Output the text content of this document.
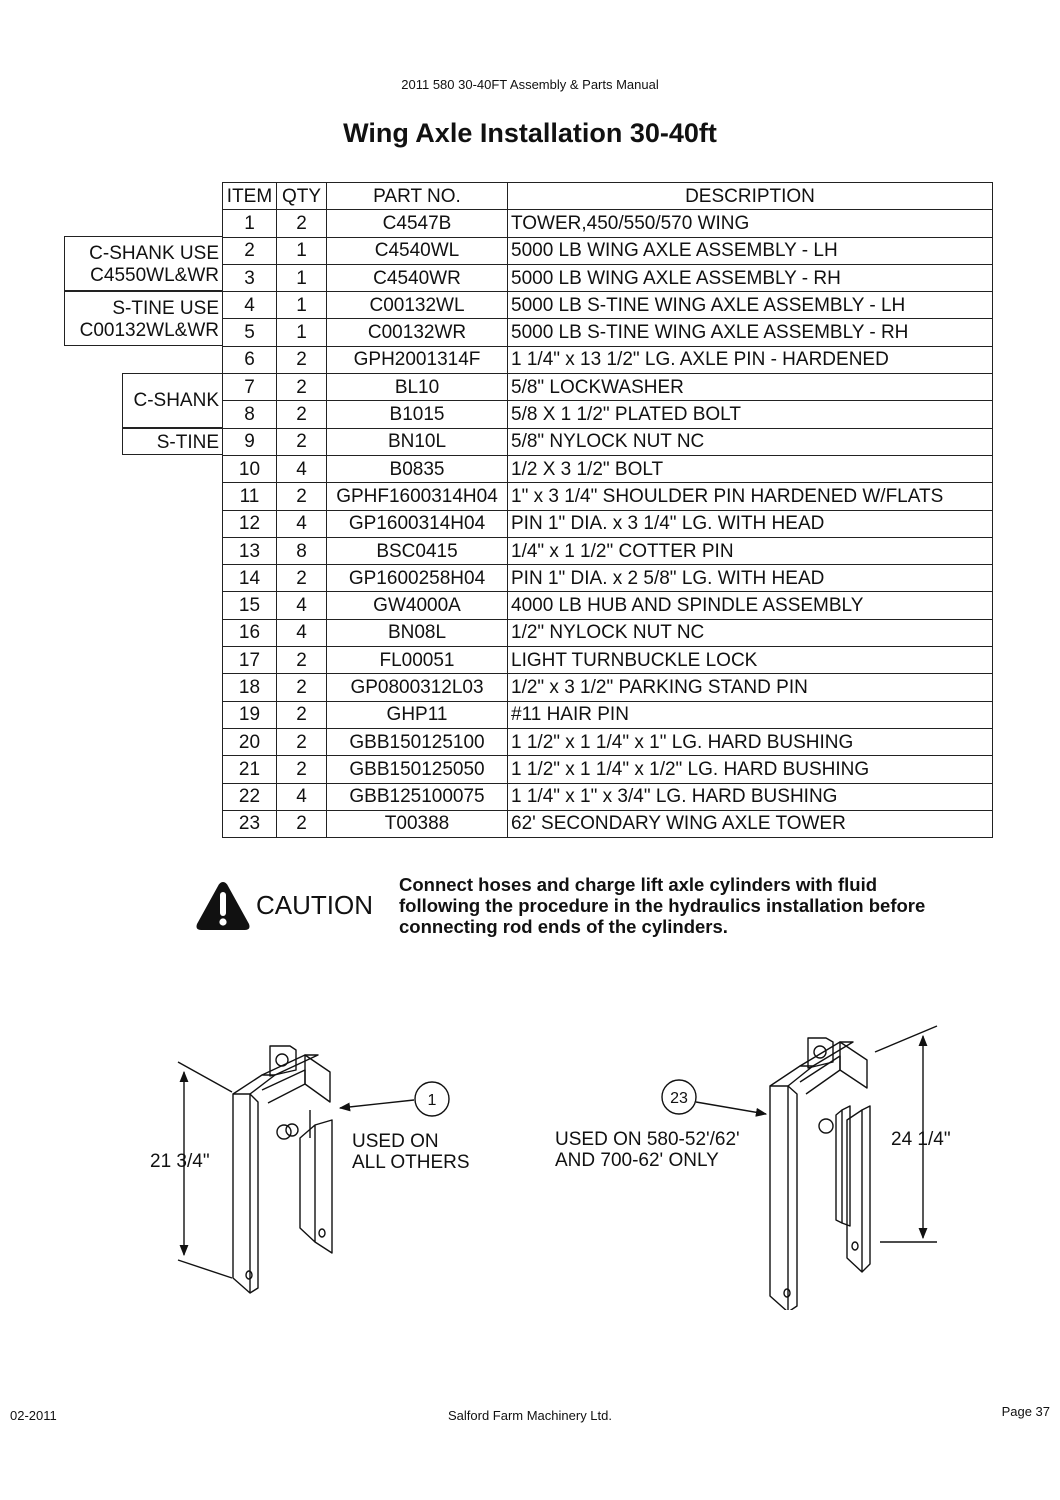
2011 580 30-40FT Assembly & Parts Manual
Wing Axle Installation 30-40ft
C-SHANK USE
C4550WL&WR
S-TINE USE
C00132WL&WR
C-SHANK
S-TINE
ITEM	QTY	PART NO.	DESCRIPTION
1	2	C4547B	TOWER,450/550/570 WING
2	1	C4540WL	5000 LB WING AXLE ASSEMBLY - LH
3	1	C4540WR	5000 LB WING AXLE ASSEMBLY - RH
4	1	C00132WL	5000 LB S-TINE WING AXLE ASSEMBLY - LH
5	1	C00132WR	5000 LB S-TINE WING AXLE ASSEMBLY - RH
6	2	GPH2001314F	1 1/4" x 13 1/2" LG. AXLE PIN - HARDENED
7	2	BL10	5/8" LOCKWASHER
8	2	B1015	5/8 X 1 1/2" PLATED BOLT
9	2	BN10L	5/8" NYLOCK NUT NC
10	4	B0835	1/2 X 3 1/2" BOLT
11	2	GPHF1600314H04	1" x 3 1/4" SHOULDER PIN HARDENED W/FLATS
12	4	GP1600314H04	PIN 1" DIA. x 3 1/4" LG. WITH HEAD
13	8	BSC0415	1/4" x 1 1/2" COTTER PIN
14	2	GP1600258H04	PIN 1" DIA. x 2 5/8" LG. WITH HEAD
15	4	GW4000A	4000 LB HUB AND SPINDLE ASSEMBLY
16	4	BN08L	1/2" NYLOCK NUT NC
17	2	FL00051	LIGHT TURNBUCKLE LOCK
18	2	GP0800312L03	1/2" x 3 1/2" PARKING STAND PIN
19	2	GHP11	#11 HAIR PIN
20	2	GBB150125100	1 1/2" x 1 1/4" x 1" LG. HARD BUSHING
21	2	GBB150125050	1 1/2" x 1 1/4" x 1/2" LG. HARD BUSHING
22	4	GBB125100075	1 1/4" x 1" x 3/4" LG. HARD BUSHING
23	2	T00388	62' SECONDARY WING AXLE TOWER
CAUTION
Connect hoses and charge lift axle cylinders with fluid following the procedure in the hydraulics installation before connecting rod ends of the cylinders.
1	23
21 3/4"
24 1/4"
USED ON
ALL OTHERS
USED ON 580-52'/62'
AND 700-62' ONLY
02-2011	Salford Farm Machinery Ltd.	Page 37
